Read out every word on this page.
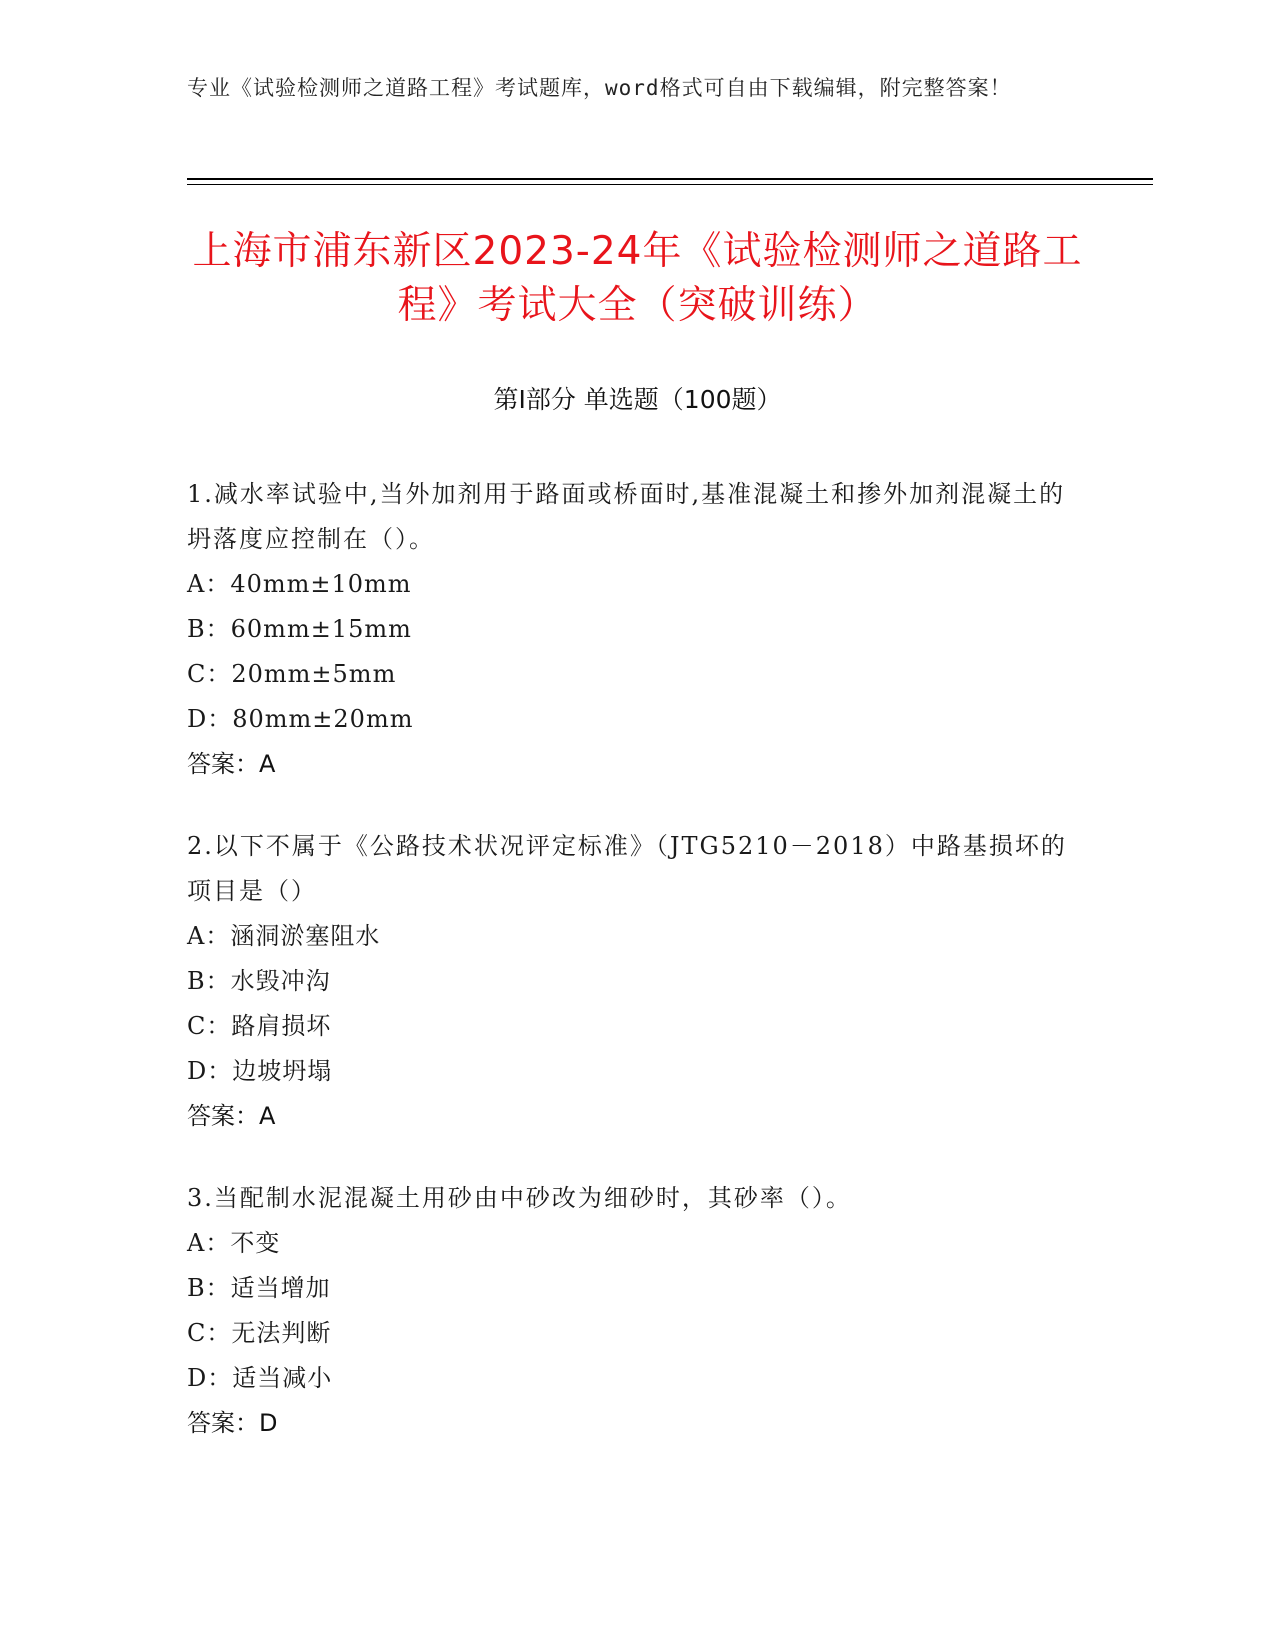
专业《试验检测师之道路工程》考试题库，word格式可自由下载编辑，附完整答案！
上海市浦东新区2023-24年《试验检测师之道路工程》考试大全（突破训练）
第Ⅰ部分 单选题（100题）

1.减水率试验中,当外加剂用于路面或桥面时,基准混凝土和掺外加剂混凝土的坍落度应控制在（）。

A：40mm±10mm

B：60mm±15mm

C：20mm±5mm

D：80mm±20mm

答案：A

2.以下不属于《公路技术状况评定标准》（JTG5210－2018）中路基损坏的项目是（）

A：涵洞淤塞阻水

B：水毁冲沟

C：路肩损坏

D：边坡坍塌

答案：A

3.当配制水泥混凝土用砂由中砂改为细砂时，其砂率（）。

A：不变

B：适当增加

C：无法判断

D：适当减小

答案：D
